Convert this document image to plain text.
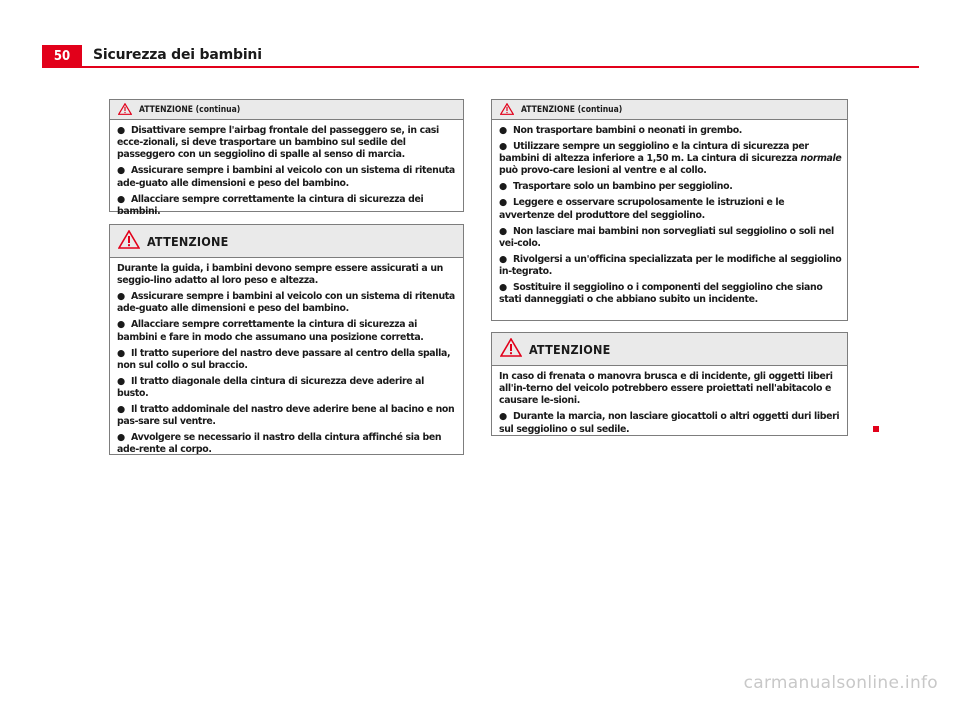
50	Sicurezza dei bambini
ATTENZIONE (continua)

● Disattivare sempre l'airbag frontale del passeggero se, in casi ecce-zionali, si deve trasportare un bambino sul sedile del passeggero con un seggiolino di spalle al senso di marcia.

● Assicurare sempre i bambini al veicolo con un sistema di ritenuta ade-guato alle dimensioni e peso del bambino.

● Allacciare sempre correttamente la cintura di sicurezza dei bambini.

ATTENZIONE

Durante la guida, i bambini devono sempre essere assicurati a un seggio-lino adatto al loro peso e altezza.

● Assicurare sempre i bambini al veicolo con un sistema di ritenuta ade-guato alle dimensioni e peso del bambino.

● Allacciare sempre correttamente la cintura di sicurezza ai bambini e fare in modo che assumano una posizione corretta.

● Il tratto superiore del nastro deve passare al centro della spalla, non sul collo o sul braccio.

● Il tratto diagonale della cintura di sicurezza deve aderire al busto.

● Il tratto addominale del nastro deve aderire bene al bacino e non pas-sare sul ventre.

● Avvolgere se necessario il nastro della cintura affinché sia ben ade-rente al corpo.

ATTENZIONE (continua)

● Non trasportare bambini o neonati in grembo.

● Utilizzare sempre un seggiolino e la cintura di sicurezza per bambini di altezza inferiore a 1,50 m. La cintura di sicurezza normale può provo-care lesioni al ventre e al collo.

● Trasportare solo un bambino per seggiolino.

● Leggere e osservare scrupolosamente le istruzioni e le avvertenze del produttore del seggiolino.

● Non lasciare mai bambini non sorvegliati sul seggiolino o soli nel vei-colo.

● Rivolgersi a un'officina specializzata per le modifiche al seggiolino in-tegrato.

● Sostituire il seggiolino o i componenti del seggiolino che siano stati danneggiati o che abbiano subito un incidente.

ATTENZIONE

In caso di frenata o manovra brusca e di incidente, gli oggetti liberi all'in-terno del veicolo potrebbero essere proiettati nell'abitacolo e causare le-sioni.

● Durante la marcia, non lasciare giocattoli o altri oggetti duri liberi sul seggiolino o sul sedile.

carmanualsonline.info
